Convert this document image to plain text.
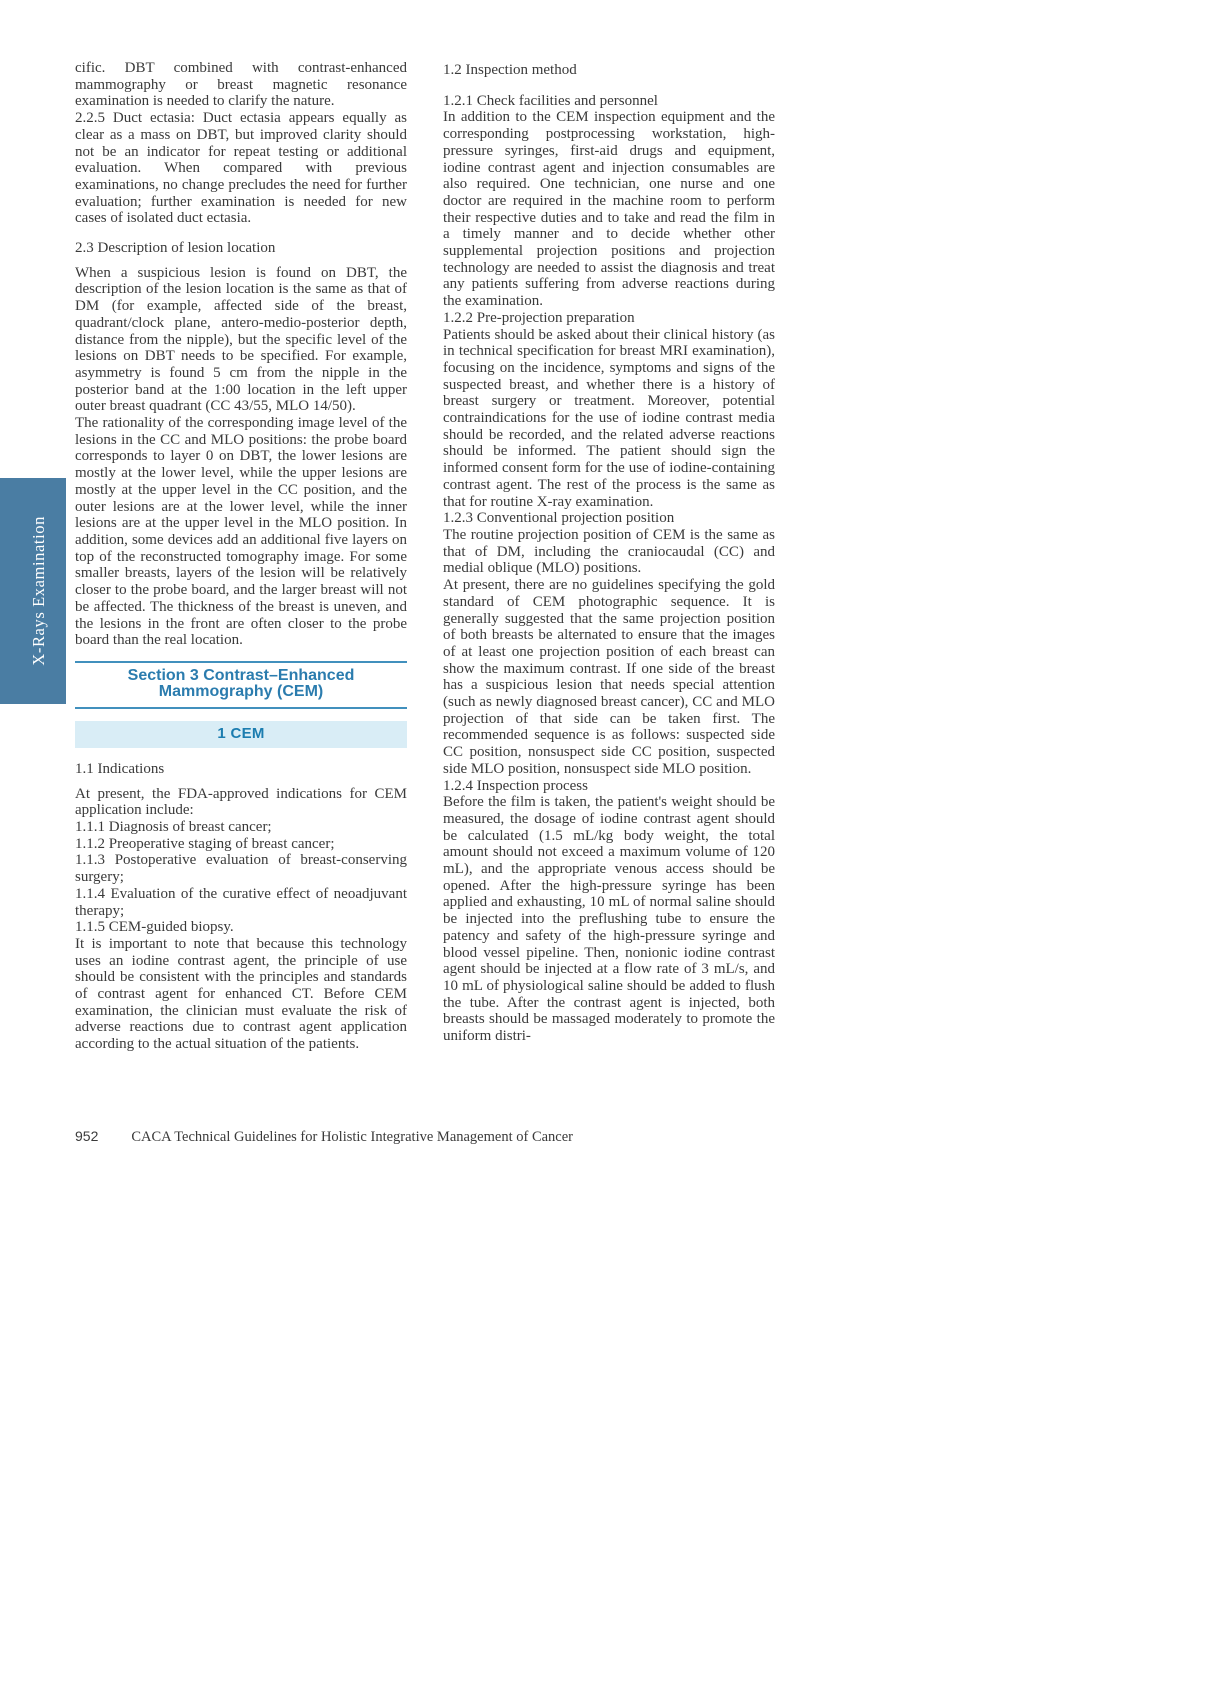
X-Rays Examination

cific. DBT combined with contrast-enhanced mammography or breast magnetic resonance examination is needed to clarify the nature.

2.2.5 Duct ectasia: Duct ectasia appears equally as clear as a mass on DBT, but improved clarity should not be an indicator for repeat testing or additional evaluation. When compared with previous examinations, no change precludes the need for further evaluation; further examination is needed for new cases of isolated duct ectasia.

2.3 Description of lesion location

When a suspicious lesion is found on DBT, the description of the lesion location is the same as that of DM (for example, affected side of the breast, quadrant/clock plane, antero-medio-posterior depth, distance from the nipple), but the specific level of the lesions on DBT needs to be specified. For example, asymmetry is found 5 cm from the nipple in the posterior band at the 1:00 location in the left upper outer breast quadrant (CC 43/55, MLO 14/50).

The rationality of the corresponding image level of the lesions in the CC and MLO positions: the probe board corresponds to layer 0 on DBT, the lower lesions are mostly at the lower level, while the upper lesions are mostly at the upper level in the CC position, and the outer lesions are at the lower level, while the inner lesions are at the upper level in the MLO position. In addition, some devices add an additional five layers on top of the reconstructed tomography image. For some smaller breasts, layers of the lesion will be relatively closer to the probe board, and the larger breast will not be affected. The thickness of the breast is uneven, and the lesions in the front are often closer to the probe board than the real location.

Section 3 Contrast–Enhanced
Mammography (CEM)
1 CEM

1.1 Indications

At present, the FDA-approved indications for CEM application include:

1.1.1 Diagnosis of breast cancer;

1.1.2 Preoperative staging of breast cancer;

1.1.3 Postoperative evaluation of breast-conserving surgery;

1.1.4 Evaluation of the curative effect of neoadjuvant therapy;

1.1.5 CEM-guided biopsy.

It is important to note that because this technology uses an iodine contrast agent, the principle of use should be consistent with the principles and standards of contrast agent for enhanced CT. Before CEM examination, the clinician must evaluate the risk of adverse reactions due to contrast agent application according to the actual situation of the patients.

1.2 Inspection method

1.2.1 Check facilities and personnel

In addition to the CEM inspection equipment and the corresponding postprocessing workstation, high-pressure syringes, first-aid drugs and equipment, iodine contrast agent and injection consumables are also required. One technician, one nurse and one doctor are required in the machine room to perform their respective duties and to take and read the film in a timely manner and to decide whether other supplemental projection positions and projection technology are needed to assist the diagnosis and treat any patients suffering from adverse reactions during the examination.

1.2.2 Pre-projection preparation

Patients should be asked about their clinical history (as in technical specification for breast MRI examination), focusing on the incidence, symptoms and signs of the suspected breast, and whether there is a history of breast surgery or treatment. Moreover, potential contraindications for the use of iodine contrast media should be recorded, and the related adverse reactions should be informed. The patient should sign the informed consent form for the use of iodine-containing contrast agent. The rest of the process is the same as that for routine X-ray examination.

1.2.3 Conventional projection position

The routine projection position of CEM is the same as that of DM, including the craniocaudal (CC) and medial oblique (MLO) positions.

At present, there are no guidelines specifying the gold standard of CEM photographic sequence. It is generally suggested that the same projection position of both breasts be alternated to ensure that the images of at least one projection position of each breast can show the maximum contrast. If one side of the breast has a suspicious lesion that needs special attention (such as newly diagnosed breast cancer), CC and MLO projection of that side can be taken first. The recommended sequence is as follows: suspected side CC position, nonsuspect side CC position, suspected side MLO position, nonsuspect side MLO position.

1.2.4 Inspection process

Before the film is taken, the patient's weight should be measured, the dosage of iodine contrast agent should be calculated (1.5 mL/kg body weight, the total amount should not exceed a maximum volume of 120 mL), and the appropriate venous access should be opened. After the high-pressure syringe has been applied and exhausting, 10 mL of normal saline should be injected into the preflushing tube to ensure the patency and safety of the high-pressure syringe and blood vessel pipeline. Then, nonionic iodine contrast agent should be injected at a flow rate of 3 mL/s, and 10 mL of physiological saline should be added to flush the tube. After the contrast agent is injected, both breasts should be massaged moderately to promote the uniform distri-

952 CACA Technical Guidelines for Holistic Integrative Management of Cancer
